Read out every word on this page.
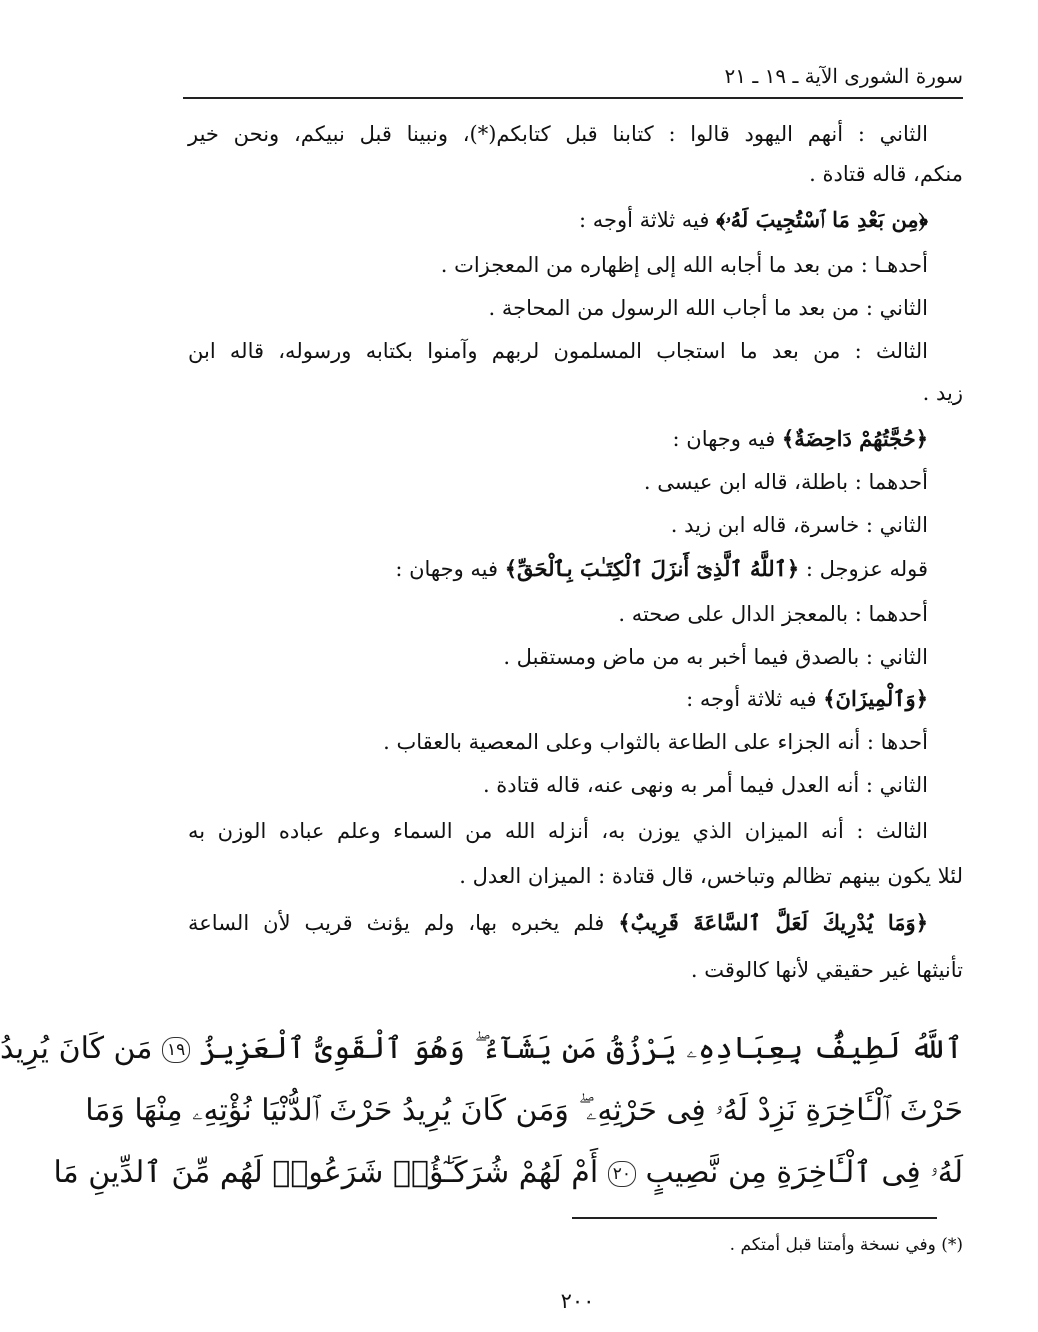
سورة الشورى الآية ـ ١٩ ـ ٢١
الثاني : أنهم اليهود قالوا : كتابنا قبل كتابكم(*)، ونبينا قبل نبيكم، ونحن خير
منكم، قاله قتادة .
﴿مِن بَعْدِ مَا ٱسْتُجِيبَ لَهُۥ﴾ فيه ثلاثة أوجه :
أحدهـا : من بعد ما أجابه الله إلى إظهاره من المعجزات .
الثاني : من بعد ما أجاب الله الرسول من المحاجة .
الثالث : من بعد ما استجاب المسلمون لربهم وآمنوا بكتابه ورسوله، قاله ابن
زيد .
﴿حُجَّتُهُمْ دَاحِضَةٌ﴾ فيه وجهان :
أحدهما : باطلة، قاله ابن عيسى .
الثاني : خاسرة، قاله ابن زيد .
قوله عزوجل : ﴿ٱللَّهُ ٱلَّذِىٓ أَنزَلَ ٱلْكِتَـٰبَ بِٱلْحَقِّ﴾ فيه وجهان :
أحدهما : بالمعجز الدال على صحته .
الثاني : بالصدق فيما أخبر به من ماض ومستقبل .
﴿وَٱلْمِيزَانَ﴾ فيه ثلاثة أوجه :
أحدها : أنه الجزاء على الطاعة بالثواب وعلى المعصية بالعقاب .
الثاني : أنه العدل فيما أمر به ونهى عنه، قاله قتادة .
الثالث : أنه الميزان الذي يوزن به، أنزله الله من السماء وعلم عباده الوزن به
لئلا يكون بينهم تظالم وتباخس، قال قتادة : الميزان العدل .
﴿وَمَا يُدْرِيكَ لَعَلَّ ٱلسَّاعَةَ قَرِيبٌ﴾ فلم يخبره بها، ولم يؤنث قريب لأن الساعة
تأنيثها غير حقيقي لأنها كالوقت .
ٱللَّهُ لَطِيفٌۢ بِعِبَادِهِۦ يَرْزُقُ مَن يَشَآءُ ۖ وَهُوَ ٱلْقَوِىُّ ٱلْعَزِيزُ ١٩ مَن كَانَ يُرِيدُ
حَرْثَ ٱلْـَٔاخِرَةِ نَزِدْ لَهُۥ فِى حَرْثِهِۦ ۖ وَمَن كَانَ يُرِيدُ حَرْثَ ٱلدُّنْيَا نُؤْتِهِۦ مِنْهَا وَمَا
لَهُۥ فِى ٱلْـَٔاخِرَةِ مِن نَّصِيبٍ ٢٠ أَمْ لَهُمْ شُرَكَـٰٓؤُا۟ شَرَعُوا۟ لَهُم مِّنَ ٱلدِّينِ مَا
(*) وفي نسخة وأمتنا قبل أمتكم .
٢٠٠
